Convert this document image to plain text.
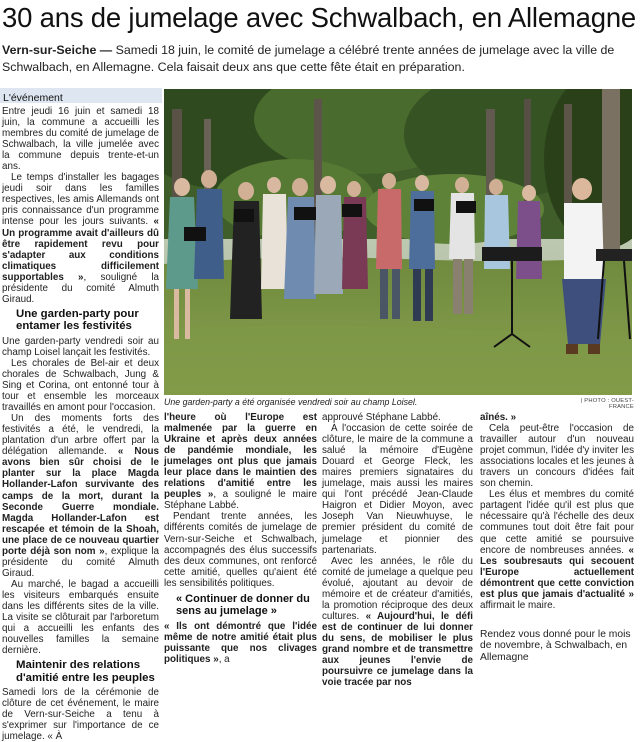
30 ans de jumelage avec Schwalbach, en Allemagne
Vern-sur-Seiche — Samedi 18 juin, le comité de jumelage a célébré trente années de jumelage avec la ville de Schwalbach, en Allemagne. Cela faisait deux ans que cette fête était en préparation.
L'événement

Entre jeudi 16 juin et samedi 18 juin, la commune a accueilli les membres du comité de jumelage de Schwalbach, la ville jumelée avec la commune depuis trente-et-un ans.

Le temps d'installer les bagages jeudi soir dans les familles respectives, les amis Allemands ont pris connaissance d'un programme intense pour les jours suivants. « Un programme avait d'ailleurs dû être rapidement revu pour s'adapter aux conditions climatiques difficilement supportables », souligné la présidente du comité Almuth Giraud.

Une garden-party pour entamer les festivités

Une garden-party vendredi soir au champ Loisel lançait les festivités.

Les chorales de Bel-air et deux chorales de Schwalbach, Jung & Sing et Corina, ont entonné tour à tour et ensemble les morceaux travaillés en amont pour l'occasion.

Un des moments forts des festivités a été, le vendredi, la plantation d'un arbre offert par la délégation allemande. « Nous avons bien sûr choisi de le planter sur la place Magda Hollander-Lafon survivante des camps de la mort, durant la Seconde Guerre mondiale. Magda Hollander-Lafon est rescapée et témoin de la Shoah, une place de ce nouveau quartier porte déjà son nom », explique la présidente du comité Almuth Giraud.

Au marché, le bagad a accueilli les visiteurs embarqués ensuite dans les différents sites de la ville. La visite se clôturait par l'arboretum qui a accueilli les enfants des nouvelles familles la semaine dernière.

Maintenir des relations d'amitié entre les peuples

Samedi lors de la cérémonie de clôture de cet événement, le maire de Vern-sur-Seiche a tenu à s'exprimer sur l'importance de ce jumelage. « À

Une garden-party a été organisée vendredi soir au champ Loisel.	| PHOTO : OUEST-FRANCE

l'heure où l'Europe est malmenée par la guerre en Ukraine et après deux années de pandémie mondiale, les jumelages ont plus que jamais leur place dans le maintien des relations d'amitié entre les peuples », a souligné le maire Stéphane Labbé.

Pendant trente années, les différents comités de jumelage de Vern-sur-Seiche et Schwalbach, accompagnés des élus successifs des deux communes, ont renforcé cette amitié, quelles qu'aient été les sensibilités politiques.

« Continuer de donner du sens au jumelage »

« Ils ont démontré que l'idée même de notre amitié était plus puissante que nos clivages politiques », a

approuvé Stéphane Labbé.

À l'occasion de cette soirée de clôture, le maire de la commune a salué la mémoire d'Eugène Douard et George Fleck, les maires premiers signataires du jumelage, mais aussi les maires qui l'ont précédé Jean-Claude Haigron et Didier Moyon, avec Joseph Van Nieuwhuyse, le premier président du comité de jumelage et pionnier des partenariats.

Avec les années, le rôle du comité de jumelage a quelque peu évolué, ajoutant au devoir de mémoire et de créateur d'amitiés, la promotion réciproque des deux cultures. « Aujourd'hui, le défi est de continuer de lui donner du sens, de mobiliser le plus grand nombre et de transmettre aux jeunes l'envie de poursuivre ce jumelage dans la voie tracée par nos

aînés. »

Cela peut-être l'occasion de travailler autour d'un nouveau projet commun, l'idée d'y inviter les associations locales et les jeunes à travers un concours d'idées fait son chemin.

Les élus et membres du comité partagent l'idée qu'il est plus que nécessaire qu'à l'échelle des deux communes tout doit être fait pour que cette amitié se poursuive encore de nombreuses années. « Les soubresauts qui secouent l'Europe actuellement démontrent que cette conviction est plus que jamais d'actualité » affirmait le maire.

Rendez vous donné pour le mois de novembre, à Schwalbach, en Allemagne
